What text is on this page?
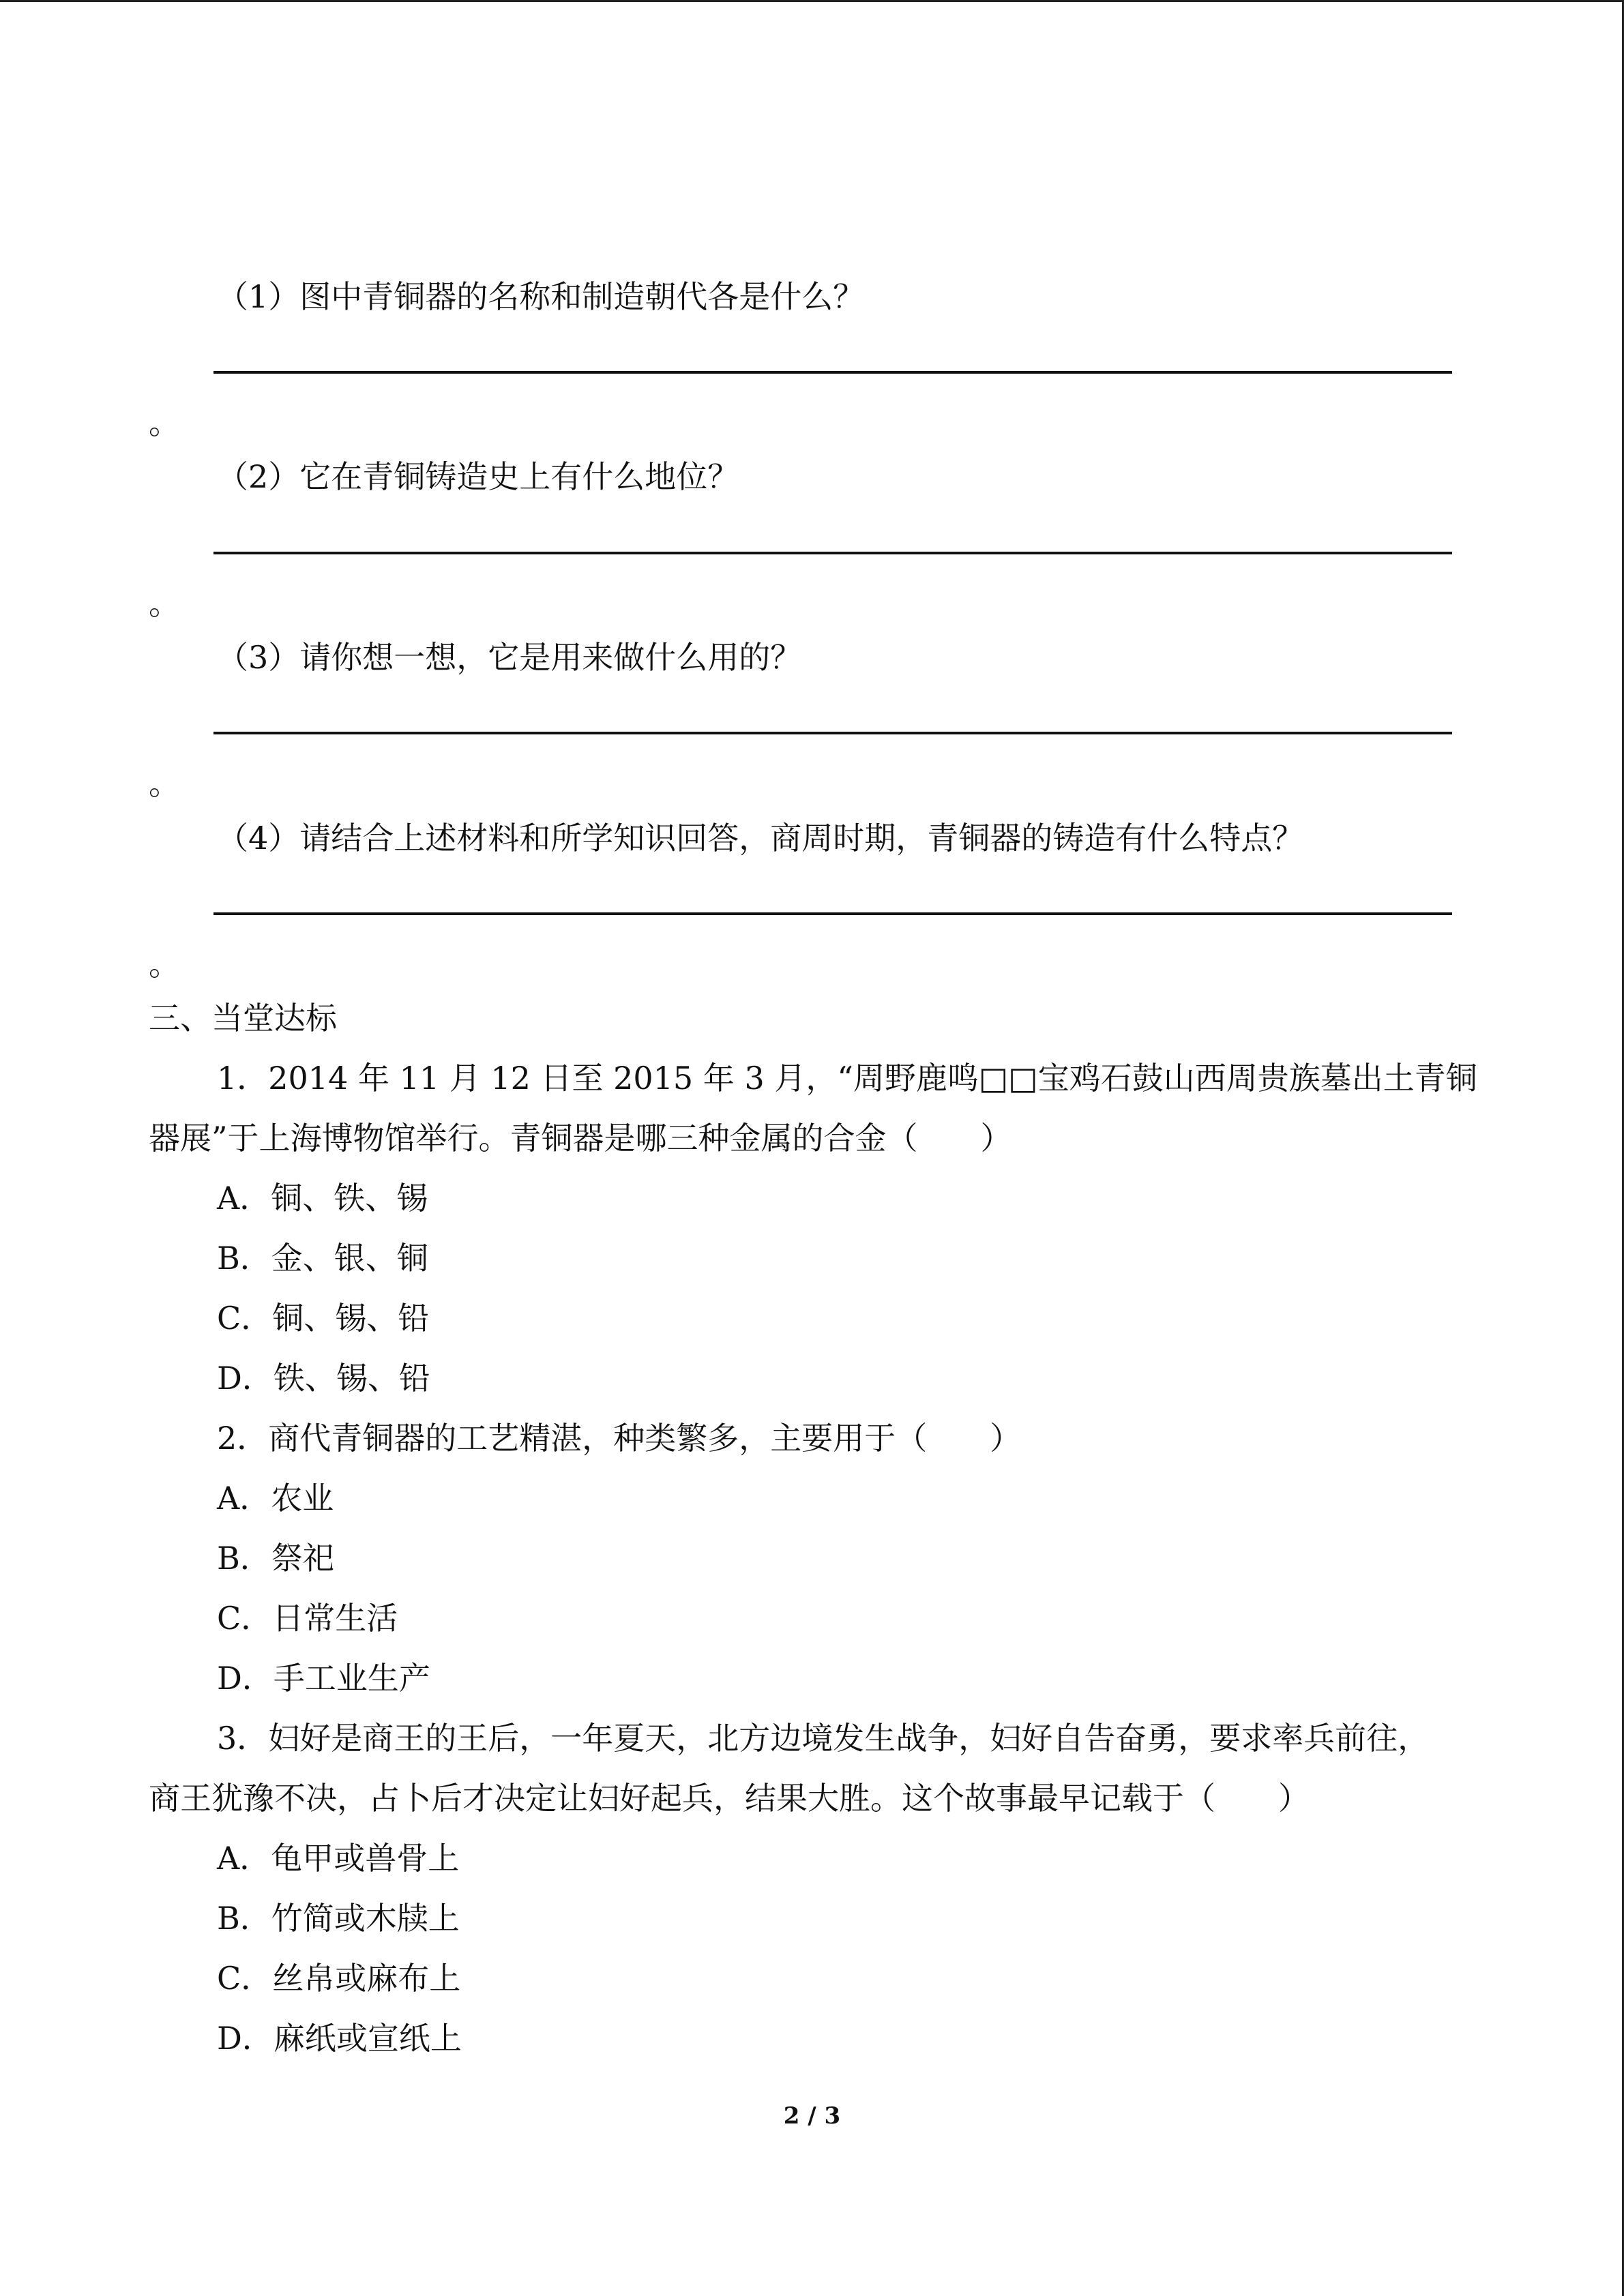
（1）图中青铜器的名称和制造朝代各是什么？
。
（2）它在青铜铸造史上有什么地位？
。
（3）请你想一想，它是用来做什么用的？
。
（4）请结合上述材料和所学知识回答，商周时期，青铜器的铸造有什么特点？
。
三、当堂达标
1．2014 年 11 月 12 日至 2015 年 3 月，“周野鹿鸣□□宝鸡石鼓山西周贵族墓出土青铜
器展”于上海博物馆举行。青铜器是哪三种金属的合金（　　）
A．铜、铁、锡
B．金、银、铜
C．铜、锡、铅
D．铁、锡、铅
2．商代青铜器的工艺精湛，种类繁多，主要用于（　　）
A．农业
B．祭祀
C．日常生活
D．手工业生产
3．妇好是商王的王后，一年夏天，北方边境发生战争，妇好自告奋勇，要求率兵前往，
商王犹豫不决，占卜后才决定让妇好起兵，结果大胜。这个故事最早记载于（　　）
A．龟甲或兽骨上
B．竹简或木牍上
C．丝帛或麻布上
D．麻纸或宣纸上
2 / 3
